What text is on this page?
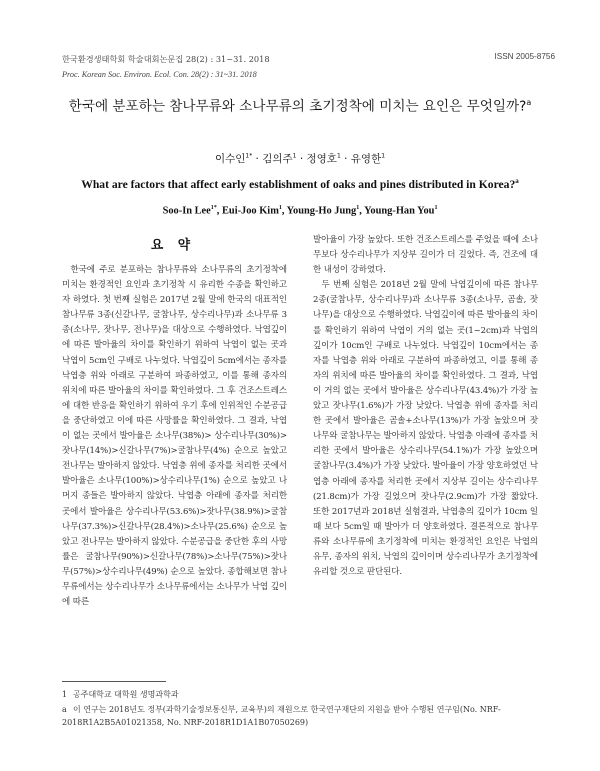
한국환경생태학회 학술대회논문집 28(2) : 31~31. 2018
Proc. Korean Soc. Environ. Ecol. Con. 28(2) : 31~31. 2018
ISSN 2005-8756
한국에 분포하는 참나무류와 소나무류의 초기정착에 미치는 요인은 무엇일까?$^a$
이수인$^{1*}$ · 김의주$^1$ · 정영호$^1$ · 유영한$^1$
What are factors that affect early establishment of oaks and pines distributed in Korea?$^a$
Soo-In Lee$^{1*}$, Eui-Joo Kim$^1$, Young-Ho Jung$^1$, Young-Han You$^1$
요 약

한국에 주로 분포하는 참나무류와 소나무류의 초기정착에 미치는 환경적인 요인과 초기정착 시 유리한 수종을 확인하고자 하였다. 첫 번째 실험은 2017년 2월 말에 한국의 대표적인 참나무류 3종(신갈나무, 굴참나무, 상수리나무)과 소나무류 3종(소나무, 잣나무, 전나무)을 대상으로 수행하였다. 낙엽깊이에 따른 발아율의 차이를 확인하기 위하여 낙엽이 없는 곳과 낙엽이 5cm인 구배로 나누었다. 낙엽깊이 5cm에서는 종자를 낙엽층 위와 아래로 구분하여 파종하였고, 이를 통해 종자의 위치에 따른 발아율의 차이를 확인하였다. 그 후 건조스트레스에 대한 반응을 확인하기 위하여 우기 후에 인위적인 수분공급을 중단하였고 이에 따른 사망률을 확인하였다. 그 결과, 낙엽이 없는 곳에서 발아율은 소나무(38%)> 상수리나무(30%)> 잣나무(14%)>신갈나무(7%)>굴참나무(4%) 순으로 높았고 전나무는 발아하지 않았다. 낙엽층 위에 종자를 처리한 곳에서 발아율은 소나무(100%)>상수리나무(1%) 순으로 높았고 나머지 종들은 발아하지 않았다. 낙엽층 아래에 종자를 처리한 곳에서 발아율은 상수리나무(53.6%)>잣나무(38.9%)>굴참나무(37.3%)>신갈나무(28.4%)>소나무(25.6%) 순으로 높았고 전나무는 발아하지 않았다. 수분공급을 중단한 후의 사망률은 굴참나무(90%)>신갈나무(78%)>소나무(75%)>잣나무(57%)>상수리나무(49%) 순으로 높았다. 종합해보면 참나무류에서는 상수리나무가 소나무류에서는 소나무가 낙엽 깊이에 따른

발아율이 가장 높았다. 또한 건조스트레스를 주었을 때에 소나무보다 상수리나무가 지상부 길이가 더 길었다. 즉, 건조에 대한 내성이 강하였다.

두 번째 실험은 2018년 2월 말에 낙엽깊이에 따른 참나무 2종(굴참나무, 상수리나무)과 소나무류 3종(소나무, 곰솔, 잣나무)을 대상으로 수행하였다. 낙엽깊이에 따른 발아율의 차이를 확인하기 위하여 낙엽이 거의 없는 곳(1~2cm)과 낙엽의 깊이가 10cm인 구배로 나누었다. 낙엽깊이 10cm에서는 종자를 낙엽층 위와 아래로 구분하여 파종하였고, 이를 통해 종자의 위치에 따른 발아율의 차이를 확인하였다. 그 결과, 낙엽이 거의 없는 곳에서 발아율은 상수리나무(43.4%)가 가장 높았고 잣나무(1.6%)가 가장 낮았다. 낙엽층 위에 종자를 처리한 곳에서 발아율은 곰솔+소나무(13%)가 가장 높았으며 잣나무와 굴참나무는 발아하지 않았다. 낙엽층 아래에 종자를 처리한 곳에서 발아율은 상수리나무(54.1%)가 가장 높았으며 굴참나무(3.4%)가 가장 낮았다. 발아율이 가장 양호하였던 낙엽층 아래에 종자를 처리한 곳에서 지상부 길이는 상수리나무(21.8cm)가 가장 길었으며 잣나무(2.9cm)가 가장 짧았다. 또한 2017년과 2018년 실험결과, 낙엽층의 깊이가 10cm 일때 보다 5cm일 때 발아가 더 양호하였다. 결론적으로 참나무류와 소나무류에 초기정착에 미치는 환경적인 요인은 낙엽의 유무, 종자의 위치, 낙엽의 깊이이며 상수리나무가 초기정착에 유리할 것으로 판단된다.

1 공주대학교 대학원 생명과학과
a 이 연구는 2018년도 정부(과학기술정보통신부, 교육부)의 재원으로 한국연구재단의 지원을 받아 수행된 연구임(No. NRF-2018R1A2B5A01021358, No. NRF-2018R1D1A1B07050269)
